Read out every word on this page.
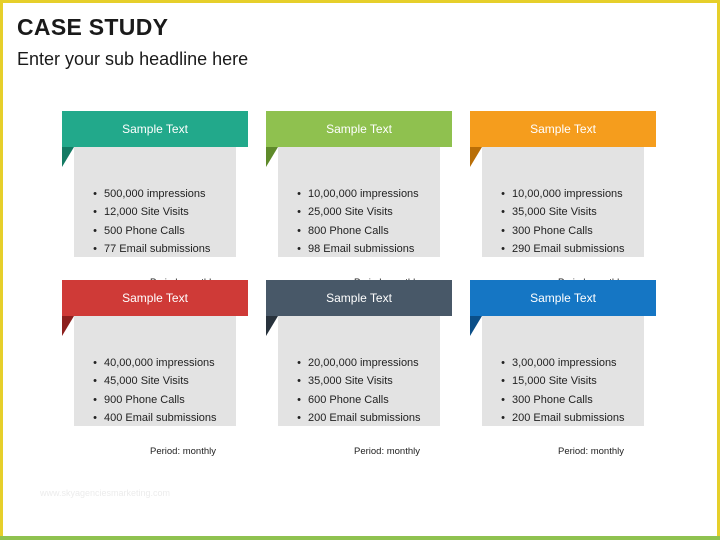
CASE STUDY
Enter your sub headline here
• 500,000 impressions
• 12,000 Site Visits
• 500 Phone Calls
• 77 Email submissions
Sample Text
• 10,00,000 impressions
• 25,000 Site Visits
• 800 Phone Calls
• 98 Email submissions
Sample Text
• 10,00,000 impressions
• 35,000 Site Visits
• 300 Phone Calls
• 290 Email submissions
Sample Text
• 40,00,000 impressions
• 45,000 Site Visits
• 900 Phone Calls
• 400 Email submissions
Period: monthly
Sample Text
• 20,00,000 impressions
• 35,000 Site Visits
• 600 Phone Calls
• 200 Email submissions
Period: monthly
Sample Text
• 3,00,000 impressions
• 15,000 Site Visits
• 300 Phone Calls
• 200 Email submissions
Period: monthly
Sample Text
www.skyagenciesmarketing.com
